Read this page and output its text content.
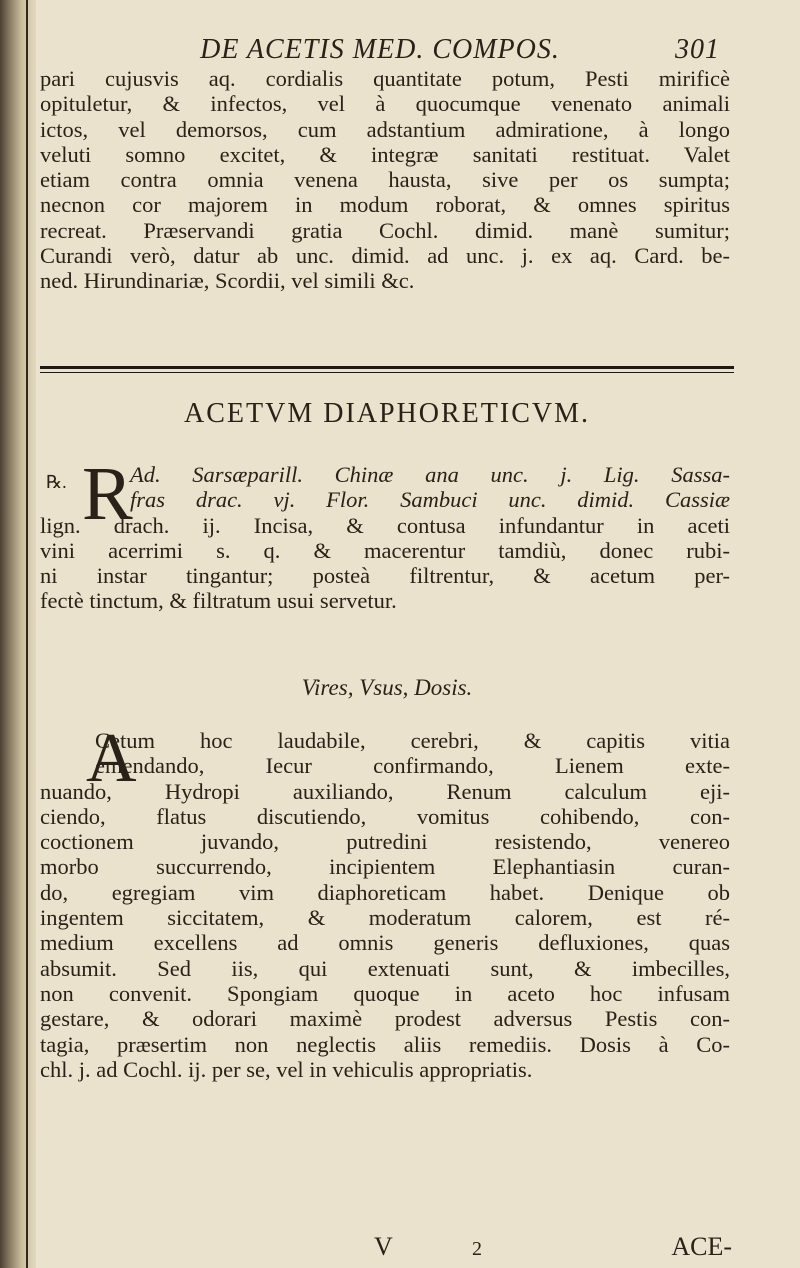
DE ACETIS MED. COMPOS.	301
pari cujusvis aq. cordialis quantitate potum, Pesti mirificè
opituletur, & infectos, vel à quocumque venenato animali
ictos, vel demorsos, cum adstantium admiratione, à longo
veluti somno excitet, & integræ sanitati restituat. Valet
etiam contra omnia venena hausta, sive per os sumpta;
necnon cor majorem in modum roborat, & omnes spiritus
recreat. Præservandi gratia Cochl. dimid. manè sumitur;
Curandi verò, datur ab unc. dimid. ad unc. j. ex aq. Card. be-
ned. Hirundinariæ, Scordii, vel simili &c.
ACETVM DIAPHORETICVM.
℞. R
Ad. Sarsæparill. Chinæ ana unc. j. Lig. Sassa-
fras drac. vj. Flor. Sambuci unc. dimid. Cassiæ
lign. drach. ij. Incisa, & contusa infundantur in aceti
vini acerrimi s. q. & macerentur tamdiù, donec rubi-
ni instar tingantur; posteà filtrentur, & acetum per-
fectè tinctum, & filtratum usui servetur.
Vires, Vsus, Dosis.
A
Cetum hoc laudabile, cerebri, & capitis vitia
emendando, Iecur confirmando, Lienem exte-
nuando, Hydropi auxiliando, Renum calculum eji-
ciendo, flatus discutiendo, vomitus cohibendo, con-
coctionem juvando, putredini resistendo, venereo
morbo succurrendo, incipientem Elephantiasin curan-
do, egregiam vim diaphoreticam habet. Denique ob
ingentem siccitatem, & moderatum calorem, est ré-
medium excellens ad omnis generis defluxiones, quas
absumit. Sed iis, qui extenuati sunt, & imbecilles,
non convenit. Spongiam quoque in aceto hoc infusam
gestare, & odorari maximè prodest adversus Pestis con-
tagia, præsertim non neglectis aliis remediis. Dosis à Co-
chl. j. ad Cochl. ij. per se, vel in vehiculis appropriatis.
V	2	ACE-
